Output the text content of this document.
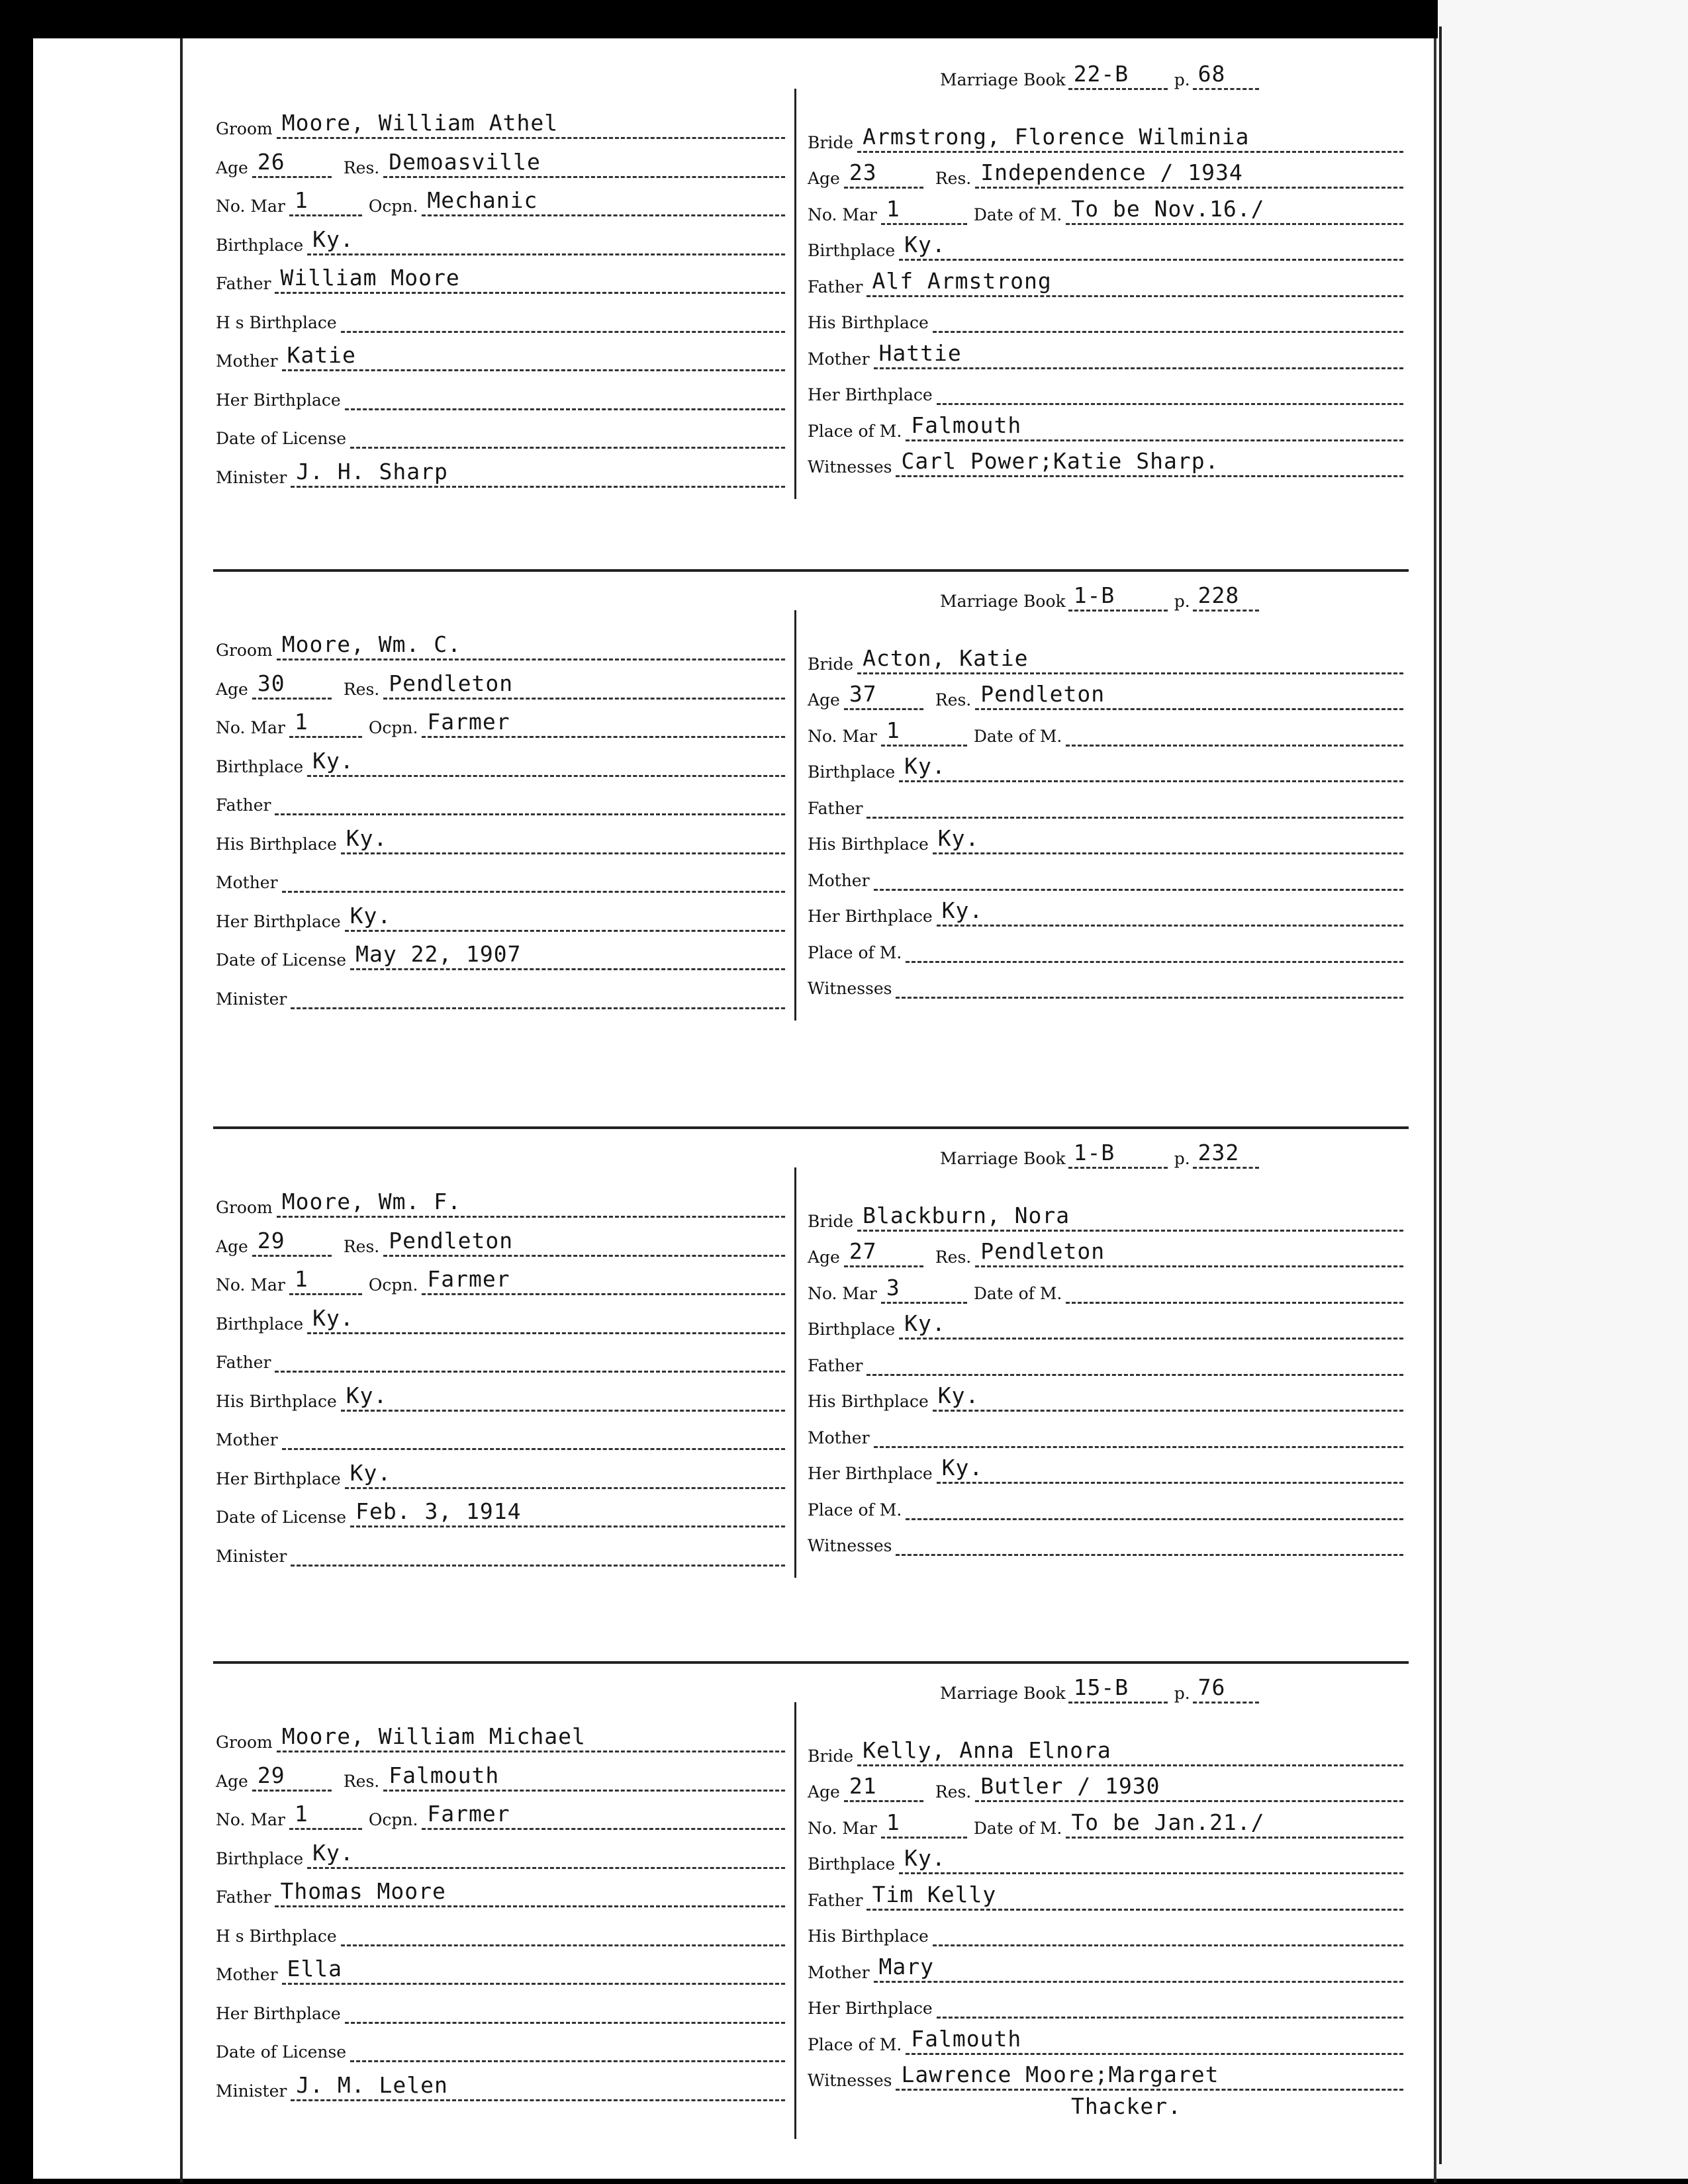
Groom Moore, William Athel
Age 26	Res. Demoasville
No. Mar 1	Ocpn. Mechanic
Birthplace Ky.
Father William Moore
H s Birthplace
Mother Katie
Her Birthplace
Date of License
Minister J. H. Sharp
Marriage Book 22-B	p. 68
Bride Armstrong, Florence Wilminia
Age 23	Res. Independence / 1934
No. Mar 1	Date of M. To be Nov.16./
Birthplace Ky.
Father Alf Armstrong
His Birthplace
Mother Hattie
Her Birthplace
Place of M. Falmouth
Witnesses Carl Power;Katie Sharp.
Groom Moore, Wm. C.
Age 30	Res. Pendleton
No. Mar 1	Ocpn. Farmer
Birthplace Ky.
Father
His Birthplace Ky.
Mother
Her Birthplace Ky.
Date of License May 22, 1907
Minister
Marriage Book 1-B	p. 228
Bride Acton, Katie
Age 37	Res. Pendleton
No. Mar 1	Date of M.
Birthplace Ky.
Father
His Birthplace Ky.
Mother
Her Birthplace Ky.
Place of M.
Witnesses
Groom Moore, Wm. F.
Age 29	Res. Pendleton
No. Mar 1	Ocpn. Farmer
Birthplace Ky.
Father
His Birthplace Ky.
Mother
Her Birthplace Ky.
Date of License Feb. 3, 1914
Minister
Marriage Book 1-B	p. 232
Bride Blackburn, Nora
Age 27	Res. Pendleton
No. Mar 3	Date of M.
Birthplace Ky.
Father
His Birthplace Ky.
Mother
Her Birthplace Ky.
Place of M.
Witnesses
Groom Moore, William Michael
Age 29	Res. Falmouth
No. Mar 1	Ocpn. Farmer
Birthplace Ky.
Father Thomas Moore
H s Birthplace
Mother Ella
Her Birthplace
Date of License
Minister J. M. Lelen
Marriage Book 15-B	p. 76
Bride Kelly, Anna Elnora
Age 21	Res. Butler / 1930
No. Mar 1	Date of M. To be Jan.21./
Birthplace Ky.
Father Tim Kelly
His Birthplace
Mother Mary
Her Birthplace
Place of M. Falmouth
Witnesses Lawrence Moore;Margaret
Thacker.
